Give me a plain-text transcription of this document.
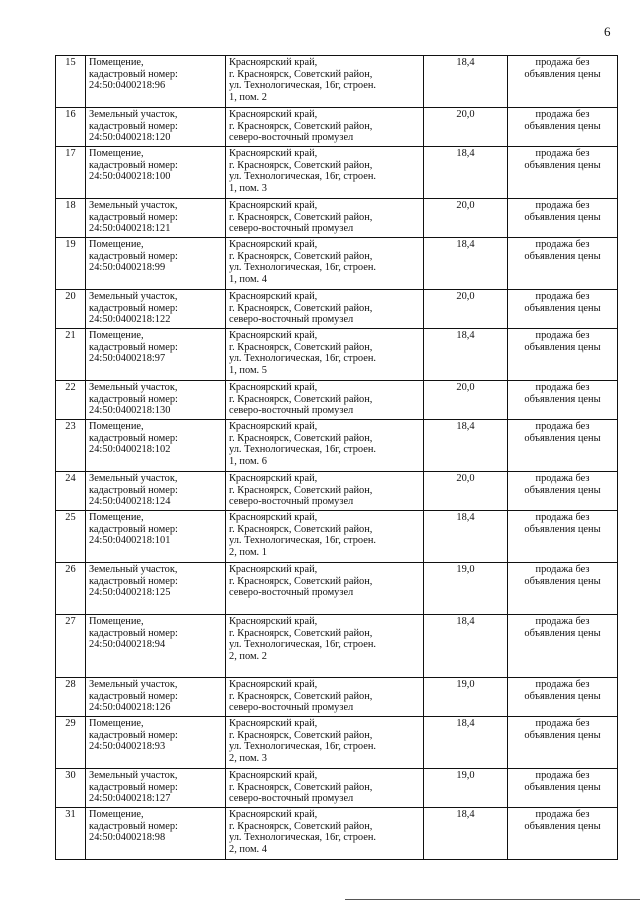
6
15	Помещение,
кадастровый номер:
24:50:0400218:96	Красноярский край,
г. Красноярск, Советский район,
ул. Технологическая, 16г, строен.
1, пом. 2	18,4	продажа без
объявления цены
16	Земельный участок,
кадастровый номер:
24:50:0400218:120	Красноярский край,
г. Красноярск, Советский район,
северо-восточный промузел	20,0	продажа без
объявления цены
17	Помещение,
кадастровый номер:
24:50:0400218:100	Красноярский край,
г. Красноярск, Советский район,
ул. Технологическая, 16г, строен.
1, пом. 3	18,4	продажа без
объявления цены
18	Земельный участок,
кадастровый номер:
24:50:0400218:121	Красноярский край,
г. Красноярск, Советский район,
северо-восточный промузел	20,0	продажа без
объявления цены
19	Помещение,
кадастровый номер:
24:50:0400218:99	Красноярский край,
г. Красноярск, Советский район,
ул. Технологическая, 16г, строен.
1, пом. 4	18,4	продажа без
объявления цены
20	Земельный участок,
кадастровый номер:
24:50:0400218:122	Красноярский край,
г. Красноярск, Советский район,
северо-восточный промузел	20,0	продажа без
объявления цены
21	Помещение,
кадастровый номер:
24:50:0400218:97	Красноярский край,
г. Красноярск, Советский район,
ул. Технологическая, 16г, строен.
1, пом. 5	18,4	продажа без
объявления цены
22	Земельный участок,
кадастровый номер:
24:50:0400218:130	Красноярский край,
г. Красноярск, Советский район,
северо-восточный промузел	20,0	продажа без
объявления цены
23	Помещение,
кадастровый номер:
24:50:0400218:102	Красноярский край,
г. Красноярск, Советский район,
ул. Технологическая, 16г, строен.
1, пом. 6	18,4	продажа без
объявления цены
24	Земельный участок,
кадастровый номер:
24:50:0400218:124	Красноярский край,
г. Красноярск, Советский район,
северо-восточный промузел	20,0	продажа без
объявления цены
25	Помещение,
кадастровый номер:
24:50:0400218:101	Красноярский край,
г. Красноярск, Советский район,
ул. Технологическая, 16г, строен.
2, пом. 1	18,4	продажа без
объявления цены
26	Земельный участок,
кадастровый номер:
24:50:0400218:125	Красноярский край,
г. Красноярск, Советский район,
северо-восточный промузел	19,0	продажа без
объявления цены
27	Помещение,
кадастровый номер:
24:50:0400218:94	Красноярский край,
г. Красноярск, Советский район,
ул. Технологическая, 16г, строен.
2, пом. 2	18,4	продажа без
объявления цены
28	Земельный участок,
кадастровый номер:
24:50:0400218:126	Красноярский край,
г. Красноярск, Советский район,
северо-восточный промузел	19,0	продажа без
объявления цены
29	Помещение,
кадастровый номер:
24:50:0400218:93	Красноярский край,
г. Красноярск, Советский район,
ул. Технологическая, 16г, строен.
2, пом. 3	18,4	продажа без
объявления цены
30	Земельный участок,
кадастровый номер:
24:50:0400218:127	Красноярский край,
г. Красноярск, Советский район,
северо-восточный промузел	19,0	продажа без
объявления цены
31	Помещение,
кадастровый номер:
24:50:0400218:98	Красноярский край,
г. Красноярск, Советский район,
ул. Технологическая, 16г, строен.
2, пом. 4	18,4	продажа без
объявления цены
